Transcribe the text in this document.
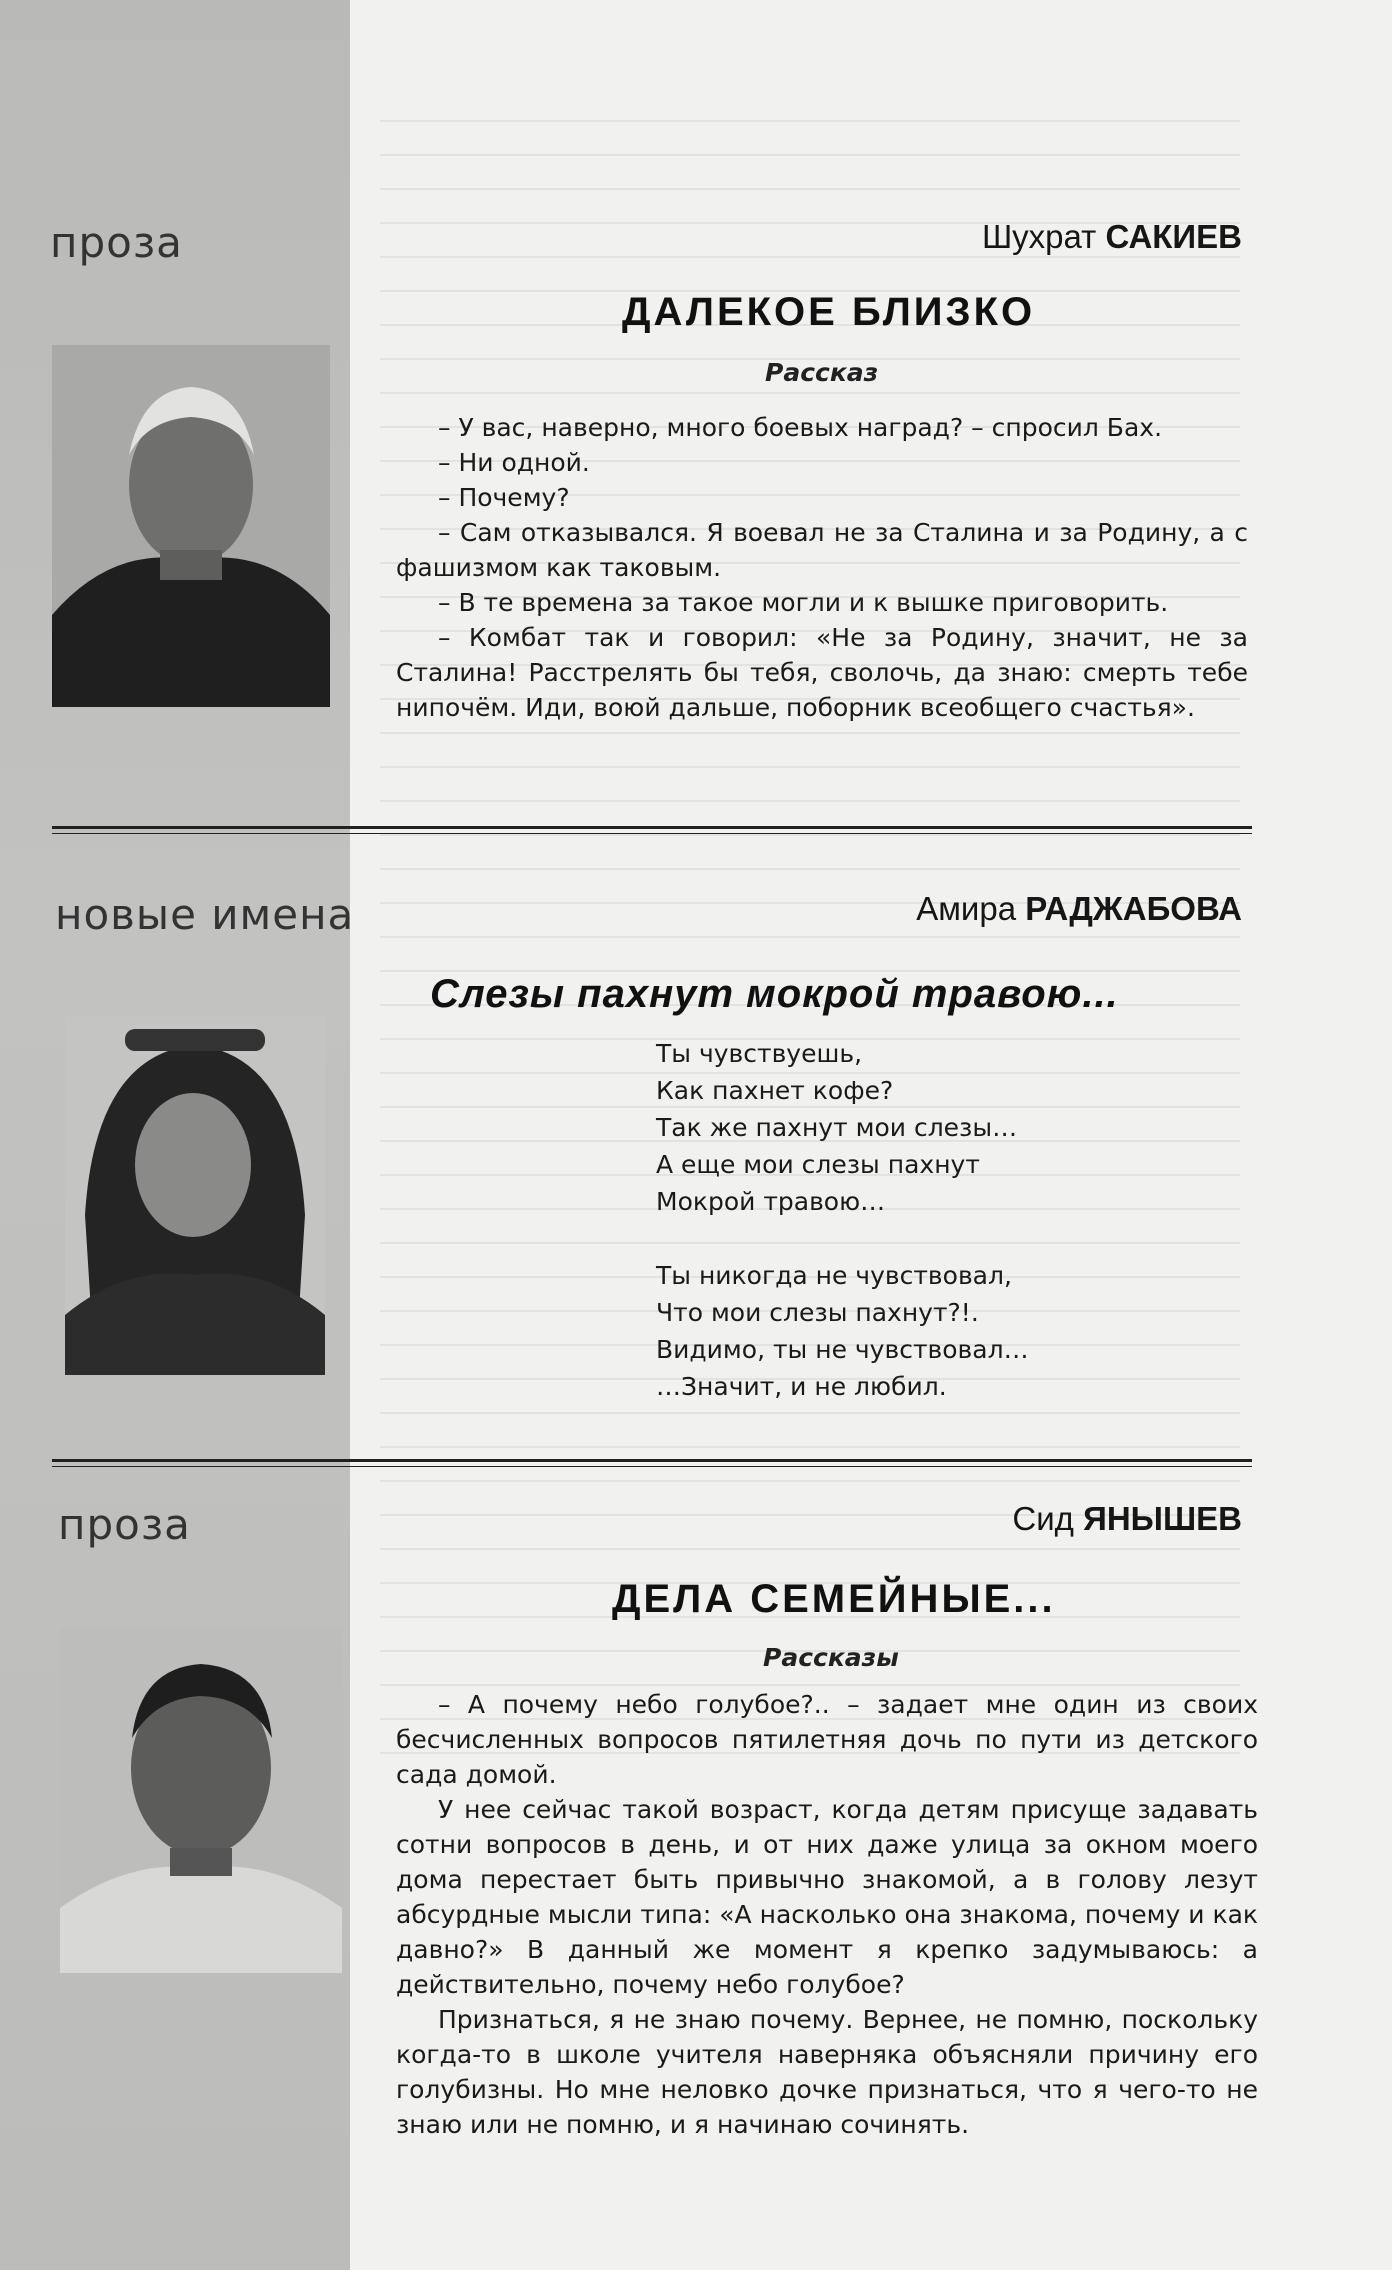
проза	Шухрат САКИЕВ
ДАЛЕКОЕ БЛИЗКО
Рассказ

– У вас, наверно, много боевых наград? – спросил Бах.

– Ни одной.

– Почему?

– Сам отказывался. Я воевал не за Сталина и за Родину, а с фашизмом как таковым.

– В те времена за такое могли и к вышке приговорить.

– Комбат так и говорил: «Не за Родину, значит, не за Сталина! Расстрелять бы тебя, сволочь, да знаю: смерть тебе нипочём. Иди, воюй дальше, поборник всеобщего счастья».

новые имена	Амира РАДЖАБОВА
Слезы пахнут мокрой травою...
Ты чувствуешь,
Как пахнет кофе?
Так же пахнут мои слезы…
А еще мои слезы пахнут
Мокрой травою…
Ты никогда не чувствовал,
Что мои слезы пахнут?!.
Видимо, ты не чувствовал…
…Значит, и не любил.
проза	Сид ЯНЫШЕВ
ДЕЛА СЕМЕЙНЫЕ...
Рассказы

– А почему небо голубое?.. – задает мне один из своих бесчисленных вопросов пятилетняя дочь по пути из детского сада домой.

У нее сейчас такой возраст, когда детям присуще задавать сотни вопросов в день, и от них даже улица за окном моего дома перестает быть привычно знакомой, а в голову лезут абсурдные мысли типа: «А насколько она знакома, почему и как давно?» В данный же момент я крепко задумываюсь: а действительно, почему небо голубое?

Признаться, я не знаю почему. Вернее, не помню, поскольку когда-то в школе учителя наверняка объясняли причину его голубизны. Но мне неловко дочке признаться, что я чего-то не знаю или не помню, и я начинаю сочинять.
